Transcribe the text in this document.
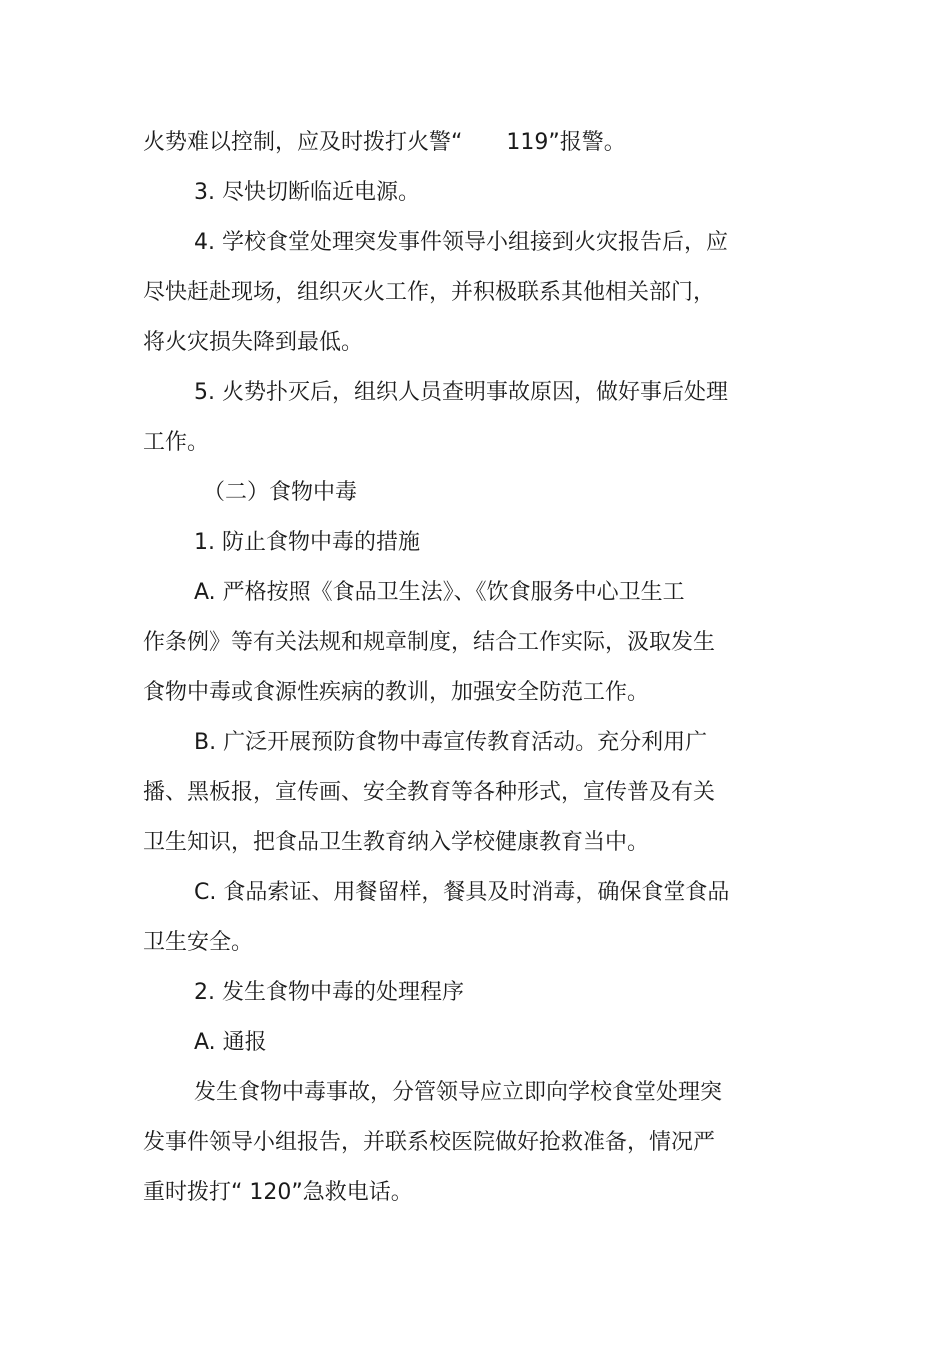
火势难以控制，应及时拨打火警“　　119”报警。
3. 尽快切断临近电源。
4. 学校食堂处理突发事件领导小组接到火灾报告后，应
尽快赶赴现场，组织灭火工作，并积极联系其他相关部门，
将火灾损失降到最低。
5. 火势扑灭后，组织人员查明事故原因，做好事后处理
工作。
（二）食物中毒
1. 防止食物中毒的措施
A. 严格按照《食品卫生法》、《饮食服务中心卫生工
作条例》等有关法规和规章制度，结合工作实际，汲取发生
食物中毒或食源性疾病的教训，加强安全防范工作。
B. 广泛开展预防食物中毒宣传教育活动。充分利用广
播、黑板报，宣传画、安全教育等各种形式，宣传普及有关
卫生知识，把食品卫生教育纳入学校健康教育当中。
C. 食品索证、用餐留样，餐具及时消毒，确保食堂食品
卫生安全。
2. 发生食物中毒的处理程序
A. 通报
发生食物中毒事故，分管领导应立即向学校食堂处理突
发事件领导小组报告，并联系校医院做好抢救准备，情况严
重时拨打“ 120”急救电话。
